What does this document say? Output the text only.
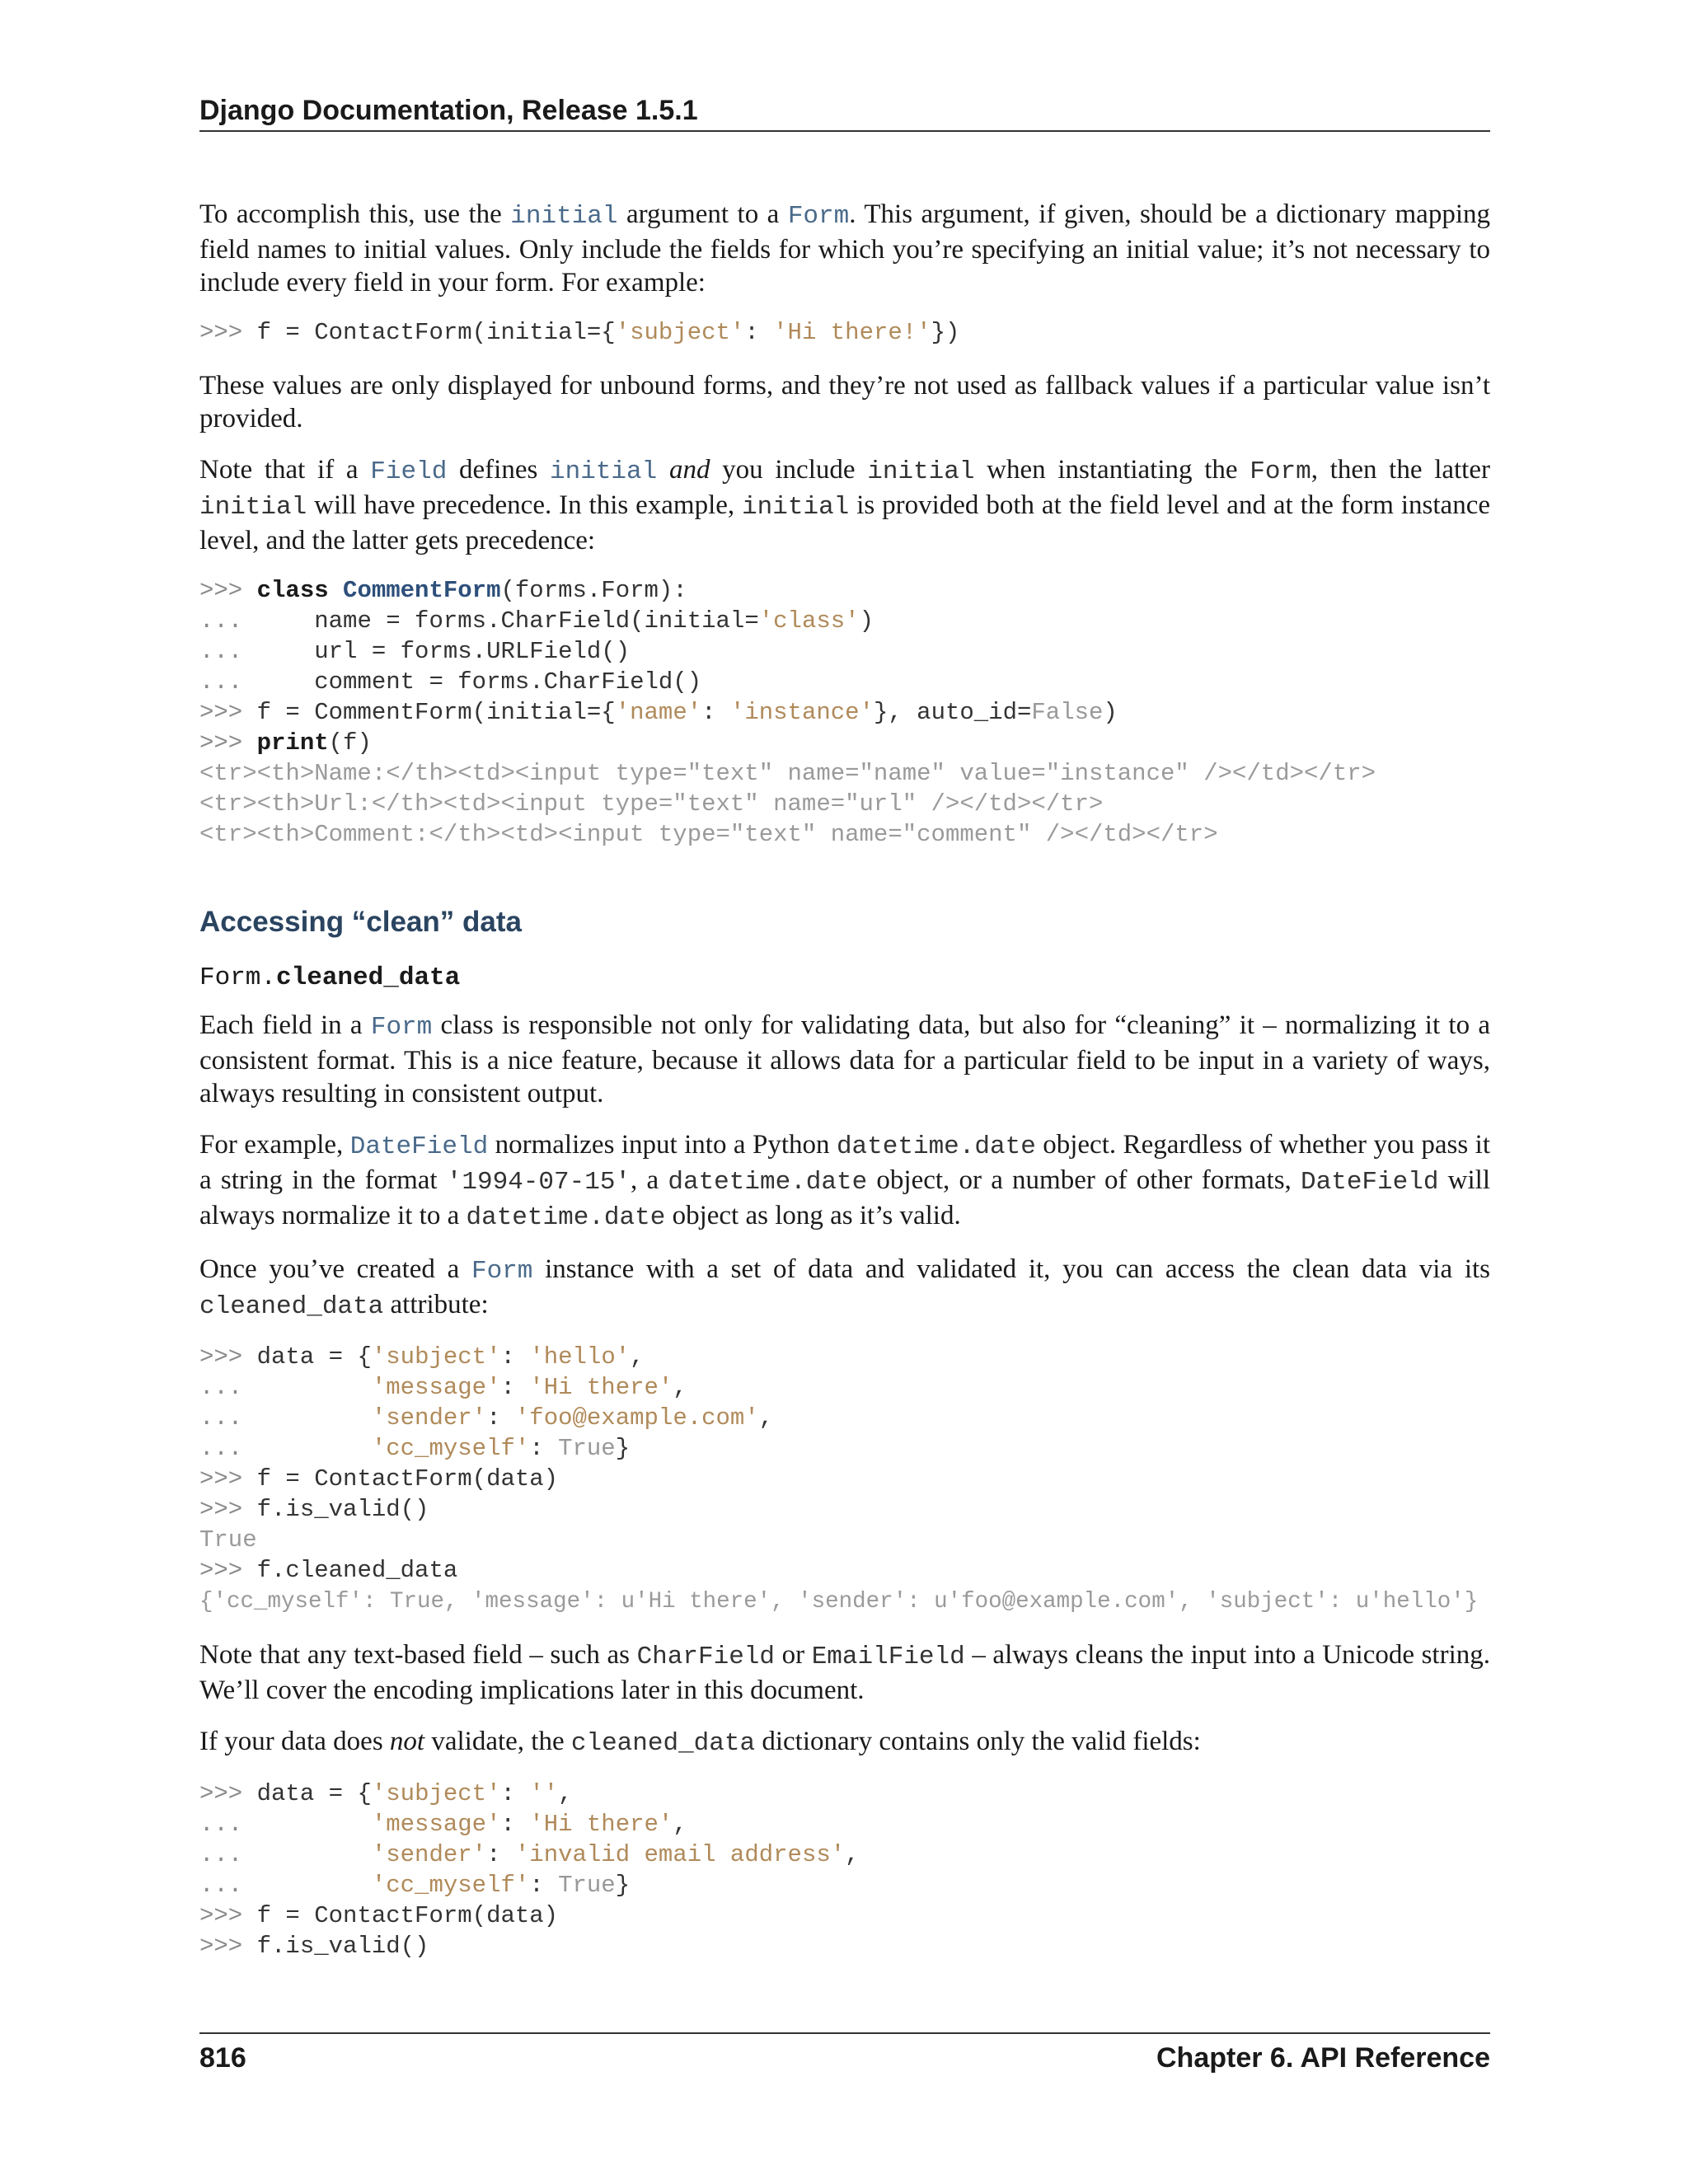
Django Documentation, Release 1.5.1

To accomplish this, use the initial argument to a Form. This argument, if given, should be a dictionary mapping field names to initial values. Only include the fields for which you’re specifying an initial value; it’s not necessary to include every field in your form. For example:

>>> f = ContactForm(initial={'subject': 'Hi there!'})

These values are only displayed for unbound forms, and they’re not used as fallback values if a particular value isn’t provided.

Note that if a Field defines initial and you include initial when instantiating the Form, then the latter initial will have precedence. In this example, initial is provided both at the field level and at the form instance level, and the latter gets precedence:

>>> class CommentForm(forms.Form):
...     name = forms.CharField(initial='class')
...     url = forms.URLField()
...     comment = forms.CharField()
>>> f = CommentForm(initial={'name': 'instance'}, auto_id=False)
>>> print(f)
<tr><th>Name:</th><td><input type="text" name="name" value="instance" /></td></tr>
<tr><th>Url:</th><td><input type="text" name="url" /></td></tr>
<tr><th>Comment:</th><td><input type="text" name="comment" /></td></tr>
Accessing “clean” data
Form.cleaned_data

Each field in a Form class is responsible not only for validating data, but also for “cleaning” it – normalizing it to a consistent format. This is a nice feature, because it allows data for a particular field to be input in a variety of ways, always resulting in consistent output.

For example, DateField normalizes input into a Python datetime.date object. Regardless of whether you pass it a string in the format '1994-07-15', a datetime.date object, or a number of other formats, DateField will always normalize it to a datetime.date object as long as it’s valid.

Once you’ve created a Form instance with a set of data and validated it, you can access the clean data via its cleaned_data attribute:

>>> data = {'subject': 'hello',
...         'message': 'Hi there',
...         'sender': 'foo@example.com',
...         'cc_myself': True}
>>> f = ContactForm(data)
>>> f.is_valid()
True
>>> f.cleaned_data
{'cc_myself': True, 'message': u'Hi there', 'sender': u'foo@example.com', 'subject': u'hello'}

Note that any text-based field – such as CharField or EmailField – always cleans the input into a Unicode string. We’ll cover the encoding implications later in this document.

If your data does not validate, the cleaned_data dictionary contains only the valid fields:

>>> data = {'subject': '',
...         'message': 'Hi there',
...         'sender': 'invalid email address',
...         'cc_myself': True}
>>> f = ContactForm(data)
>>> f.is_valid()
816	Chapter 6. API Reference
